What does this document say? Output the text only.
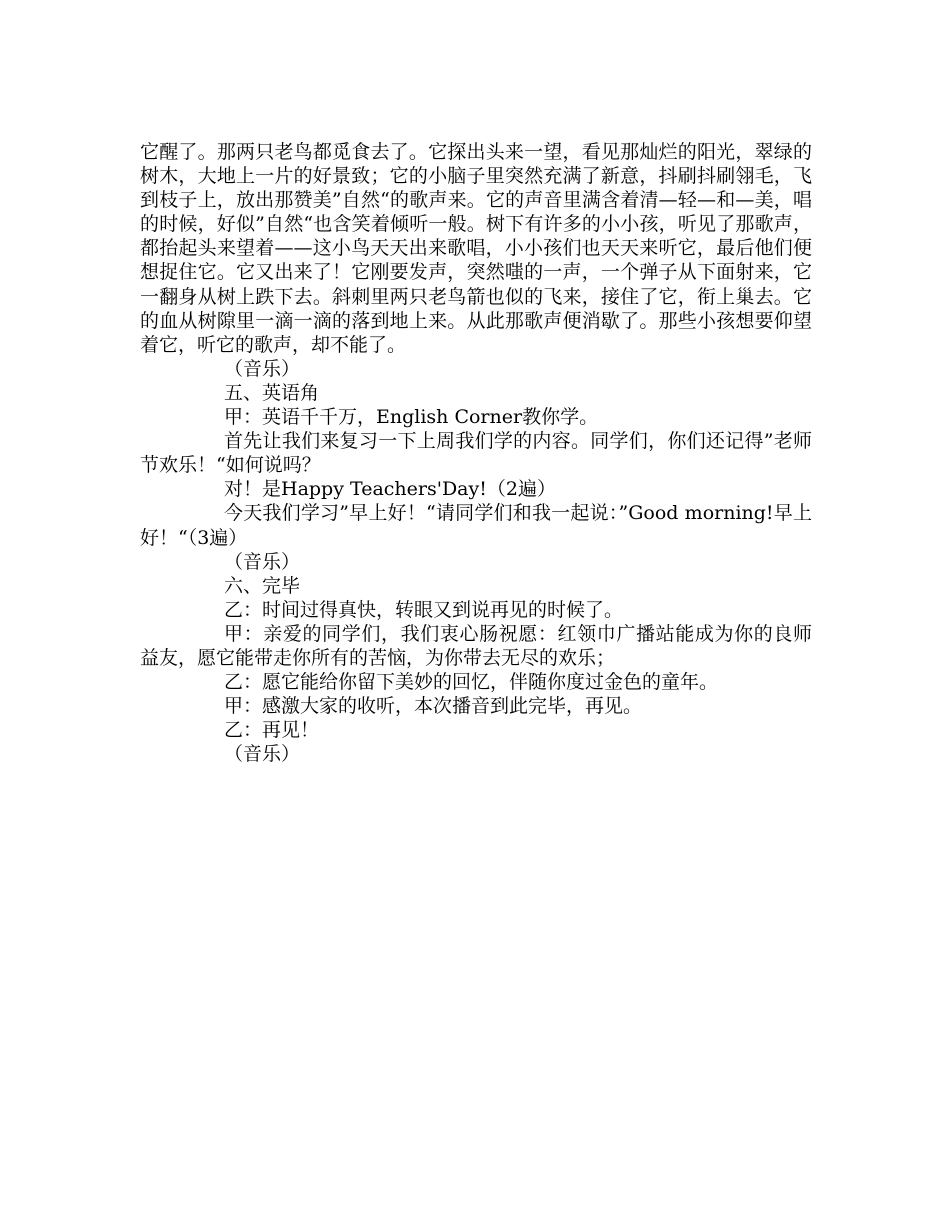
它醒了。那两只老鸟都觅食去了。它探出头来一望，看见那灿烂的阳光，翠绿的树木，大地上一片的好景致；它的小脑子里突然充满了新意，抖刷抖刷翎毛，飞到枝子上，放出那赞美”自然“的歌声来。它的声音里满含着清—轻—和—美，唱的时候，好似”自然“也含笑着倾听一般。树下有许多的小小孩，听见了那歌声，都抬起头来望着——这小鸟天天出来歌唱，小小孩们也天天来听它，最后他们便想捉住它。它又出来了！它刚要发声，突然嗤的一声，一个弹子从下面射来，它一翻身从树上跌下去。斜刺里两只老鸟箭也似的飞来，接住了它，衔上巢去。它的血从树隙里一滴一滴的落到地上来。从此那歌声便消歇了。那些小孩想要仰望着它，听它的歌声，却不能了。

（音乐）

五、英语角

甲：英语千千万，English Corner教你学。

首先让我们来复习一下上周我们学的内容。同学们，你们还记得”老师节欢乐！“如何说吗？

对！是Happy Teachers'Day!（2遍）

今天我们学习”早上好！“请同学们和我一起说：”Good morning!早上好！“（3遍）

（音乐）

六、完毕

乙：时间过得真快，转眼又到说再见的时候了。

甲：亲爱的同学们，我们衷心肠祝愿：红领巾广播站能成为你的良师益友，愿它能带走你所有的苦恼，为你带去无尽的欢乐；

乙：愿它能给你留下美妙的回忆，伴随你度过金色的童年。

甲：感激大家的收听，本次播音到此完毕，再见。

乙：再见！

（音乐）
